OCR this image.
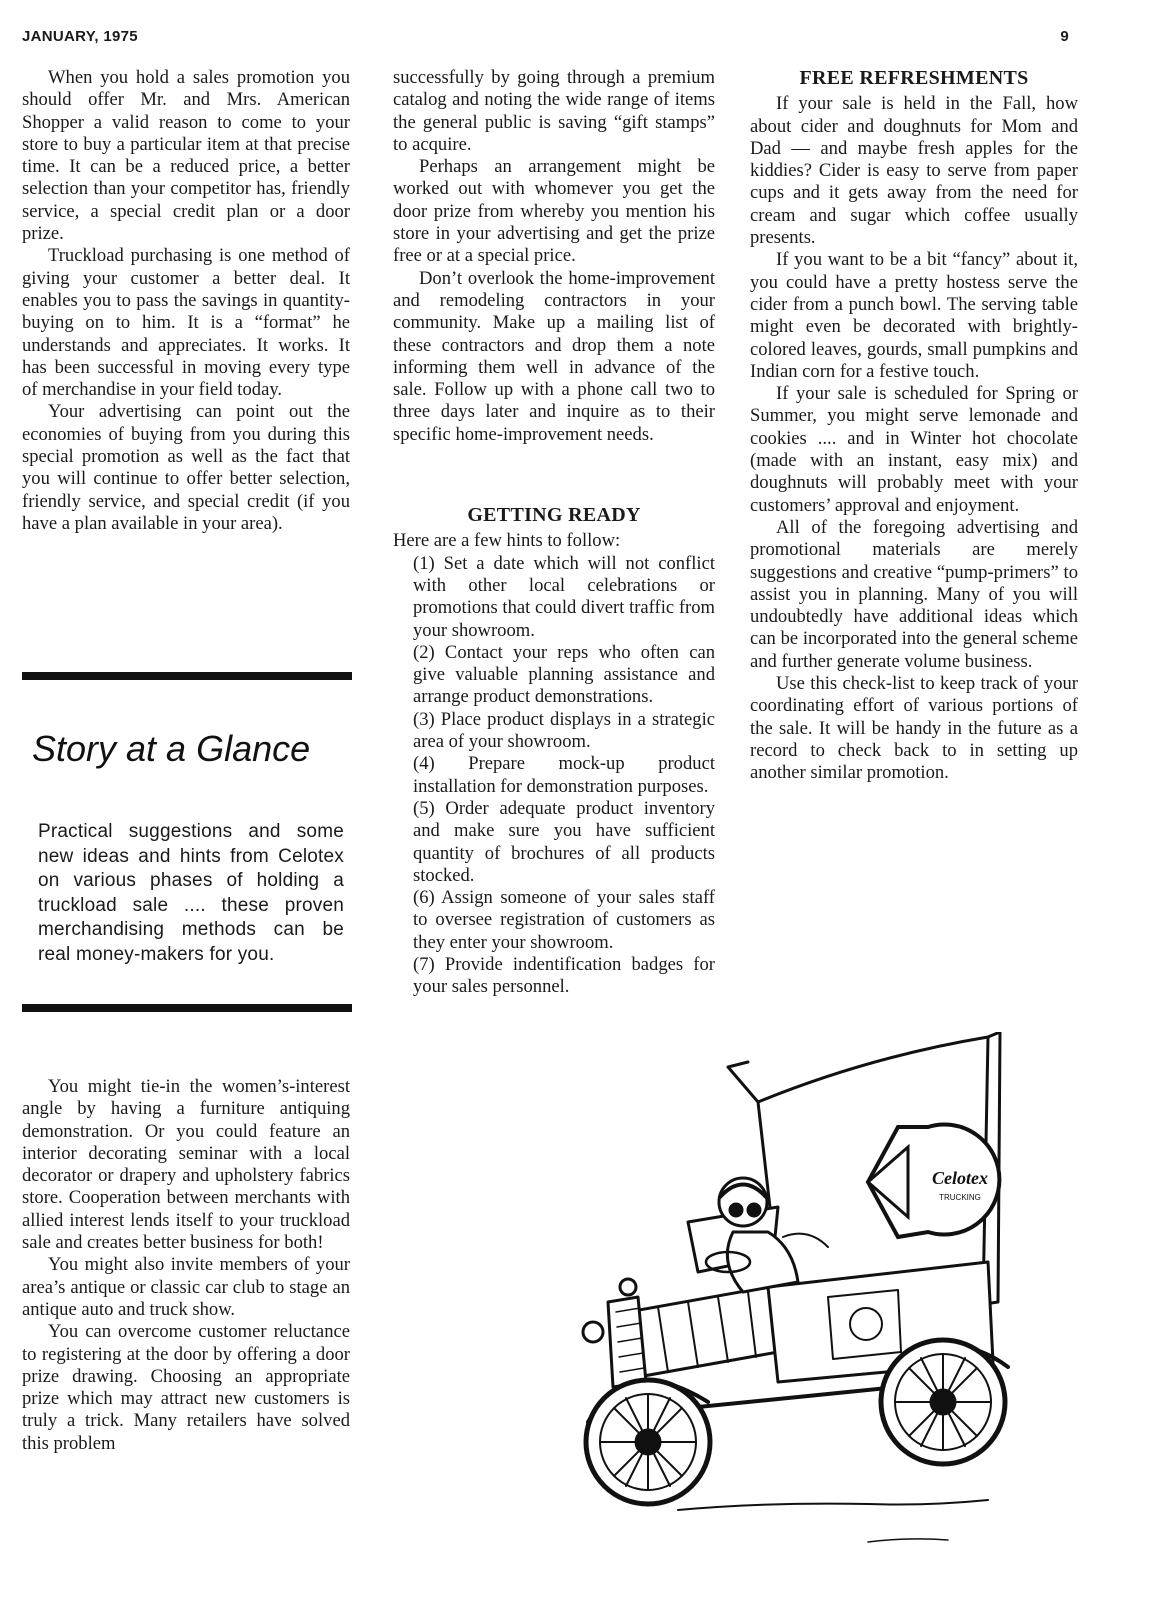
JANUARY, 1975	9

When you hold a sales promotion you should offer Mr. and Mrs. American Shopper a valid reason to come to your store to buy a particular item at that precise time. It can be a reduced price, a better selection than your competitor has, friendly service, a special credit plan or a door prize.

Truckload purchasing is one method of giving your customer a better deal. It enables you to pass the savings in quantity-buying on to him. It is a “format” he understands and appreciates. It works. It has been successful in moving every type of merchandise in your field today.

Your advertising can point out the economies of buying from you during this special promotion as well as the fact that you will continue to offer better selection, friendly service, and special credit (if you have a plan available in your area).

Story at a Glance
Practical suggestions and some new ideas and hints from Celotex on various phases of holding a truckload sale .... these proven merchandising methods can be real money-makers for you.

You might tie-in the women’s-interest angle by having a furniture antiquing demonstration. Or you could feature an interior decorating seminar with a local decorator or drapery and upholstery fabrics store. Cooperation between merchants with allied interest lends itself to your truckload sale and creates better business for both!

You might also invite members of your area’s antique or classic car club to stage an antique auto and truck show.

You can overcome customer reluctance to registering at the door by offering a door prize drawing. Choosing an appropriate prize which may attract new customers is truly a trick. Many retailers have solved this problem

successfully by going through a premium catalog and noting the wide range of items the general public is saving “gift stamps” to acquire.

Perhaps an arrangement might be worked out with whomever you get the door prize from whereby you mention his store in your advertising and get the prize free or at a special price.

Don’t overlook the home-improvement and remodeling contractors in your community. Make up a mailing list of these contractors and drop them a note informing them well in advance of the sale. Follow up with a phone call two to three days later and inquire as to their specific home-improvement needs.

GETTING READY

Here are a few hints to follow:

(1) Set a date which will not conflict with other local celebrations or promotions that could divert traffic from your showroom.

(2) Contact your reps who often can give valuable planning assistance and arrange product demonstrations.

(3) Place product displays in a strategic area of your showroom.

(4) Prepare mock-up product installation for demonstration purposes.

(5) Order adequate product inventory and make sure you have sufficient quantity of brochures of all products stocked.

(6) Assign someone of your sales staff to oversee registration of customers as they enter your showroom.

(7) Provide indentification badges for your sales personnel.

FREE REFRESHMENTS

If your sale is held in the Fall, how about cider and doughnuts for Mom and Dad — and maybe fresh apples for the kiddies? Cider is easy to serve from paper cups and it gets away from the need for cream and sugar which coffee usually presents.

If you want to be a bit “fancy” about it, you could have a pretty hostess serve the cider from a punch bowl. The serving table might even be decorated with brightly-colored leaves, gourds, small pumpkins and Indian corn for a festive touch.

If your sale is scheduled for Spring or Summer, you might serve lemonade and cookies .... and in Winter hot chocolate (made with an instant, easy mix) and doughnuts will probably meet with your customers’ approval and enjoyment.

All of the foregoing advertising and promotional materials are merely suggestions and creative “pump-primers” to assist you in planning. Many of you will undoubtedly have additional ideas which can be incorporated into the general scheme and further generate volume business.

Use this check-list to keep track of your coordinating effort of various portions of the sale. It will be handy in the future as a record to check back to in setting up another similar promotion.

Celotex
TRUCKING
